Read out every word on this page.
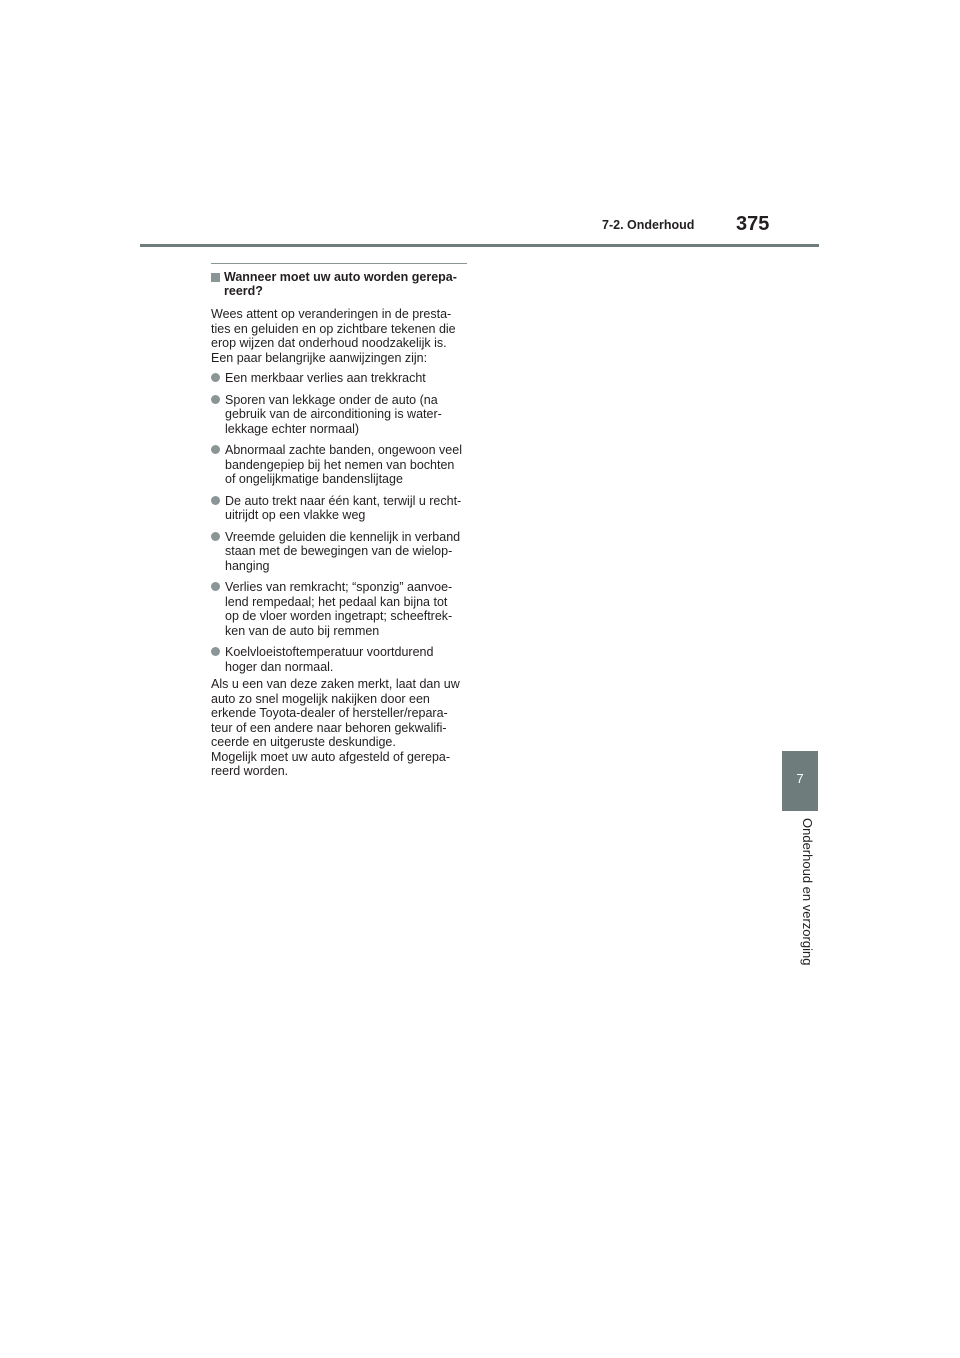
7-2. Onderhoud 375
7
Onderhoud en verzorging
Wanneer moet uw auto worden gerepa-
reerd?

Wees attent op veranderingen in de presta-
ties en geluiden en op zichtbare tekenen die
erop wijzen dat onderhoud noodzakelijk is.
Een paar belangrijke aanwijzingen zijn:

Een merkbaar verlies aan trekkracht
Sporen van lekkage onder de auto (na
gebruik van de airconditioning is water-
lekkage echter normaal)
Abnormaal zachte banden, ongewoon veel
bandengepiep bij het nemen van bochten
of ongelijkmatige bandenslijtage
De auto trekt naar één kant, terwijl u recht-
uitrijdt op een vlakke weg
Vreemde geluiden die kennelijk in verband
staan met de bewegingen van de wielop-
hanging
Verlies van remkracht; “sponzig” aanvoe-
lend rempedaal; het pedaal kan bijna tot
op de vloer worden ingetrapt; scheeftrek-
ken van de auto bij remmen
Koelvloeistoftemperatuur voortdurend
hoger dan normaal.

Als u een van deze zaken merkt, laat dan uw
auto zo snel mogelijk nakijken door een
erkende Toyota-dealer of hersteller/repara-
teur of een andere naar behoren gekwalifi-
ceerde en uitgeruste deskundige.

Mogelijk moet uw auto afgesteld of gerepa-
reerd worden.
